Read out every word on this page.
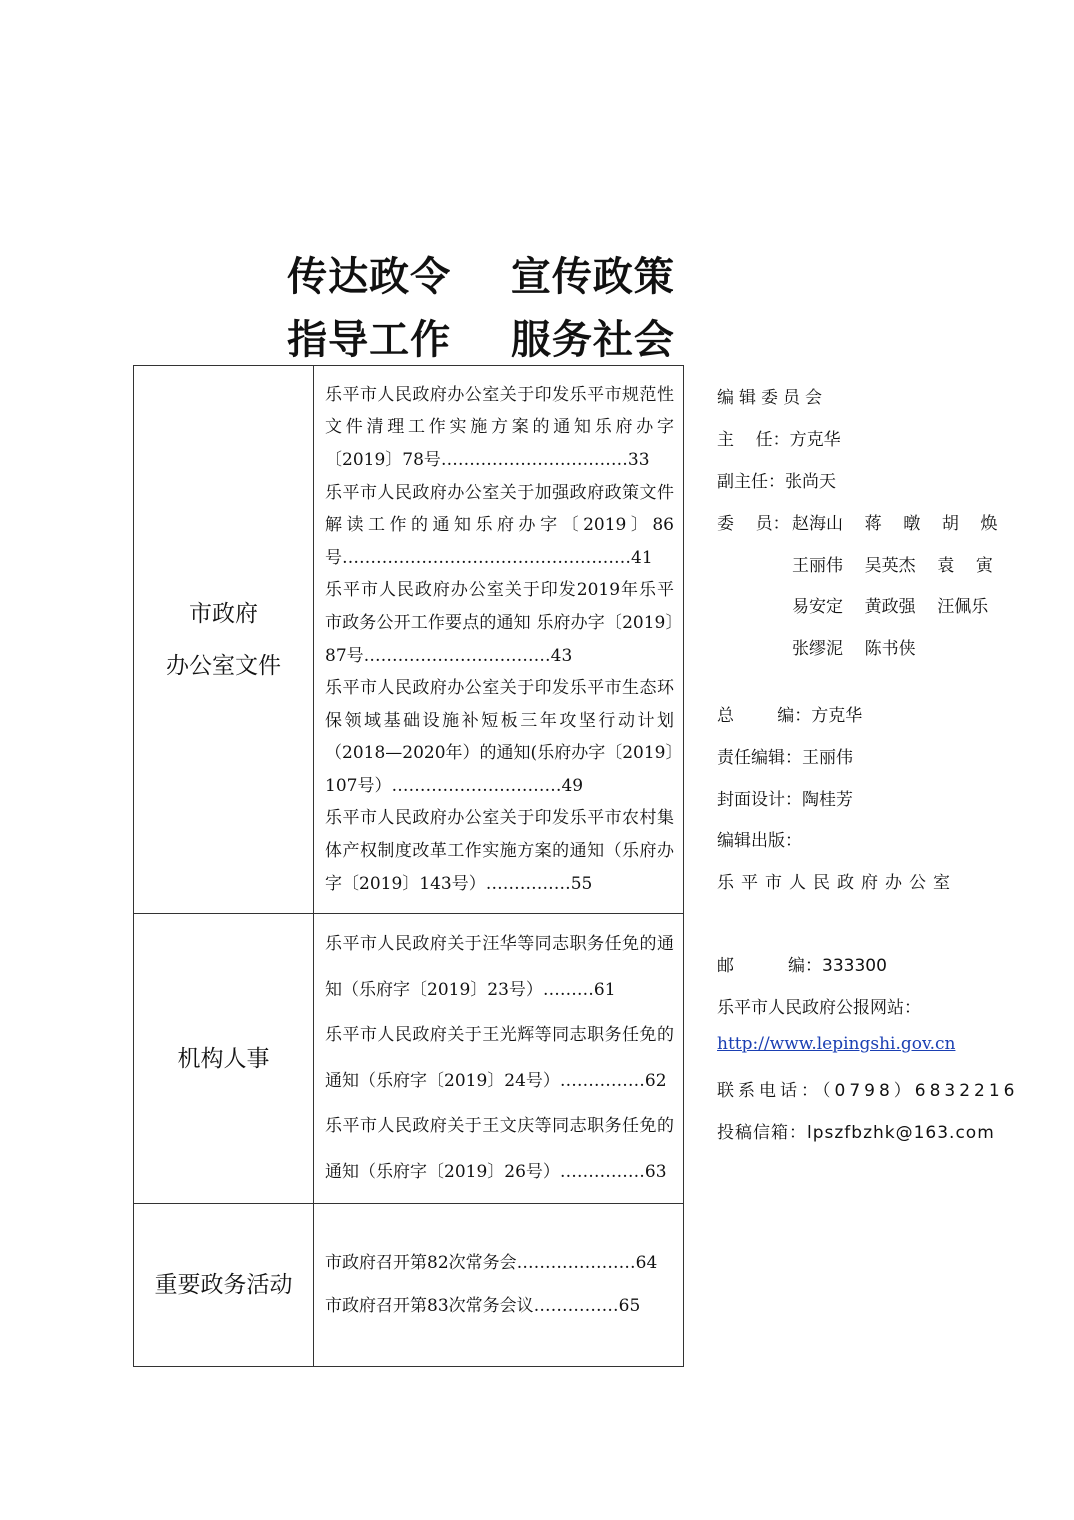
传达政令    宣传政策
指导工作    服务社会
市政府
办公室文件	乐平市人民政府办公室关于印发乐平市规范性文件清理工作实施方案的通知乐府办字〔2019〕78号……………………………33
乐平市人民政府办公室关于加强政府政策文件解读工作的通知乐府办字〔2019〕86号……………………………………………41
乐平市人民政府办公室关于印发2019年乐平市政务公开工作要点的通知 乐府办字〔2019〕87号……………………………43
乐平市人民政府办公室关于印发乐平市生态环保领域基础设施补短板三年攻坚行动计划（2018—2020年）的通知(乐府办字〔2019〕107号）…………………………49
乐平市人民政府办公室关于印发乐平市农村集体产权制度改革工作实施方案的通知（乐府办字〔2019〕143号）……………55

机构人事	乐平市人民政府关于汪华等同志职务任免的通知（乐府字〔2019〕23号）………61
乐平市人民政府关于王光辉等同志职务任免的通知（乐府字〔2019〕24号）……………62
乐平市人民政府关于王文庆等同志职务任免的通知（乐府字〔2019〕26号）……………63

重要政务活动	市政府召开第82次常务会…………………64
市政府召开第83次常务会议……………65
编辑委员会
主    任：方克华
副主任：张尚天
委    员： 赵海山    蒋    暾    胡    焕
王丽伟    吴英杰    袁    寅
易安定    黄政强    汪佩乐
张缪泥    陈书侠
总        编：方克华
责任编辑：王丽伟
封面设计：陶桂芳
编辑出版：
乐平市人民政府办公室
邮          编：333300
乐平市人民政府公报网站：
http://www.lepingshi.gov.cn
联系电话：（0798）6832216
投稿信箱：lpszfbzhk@163.com
